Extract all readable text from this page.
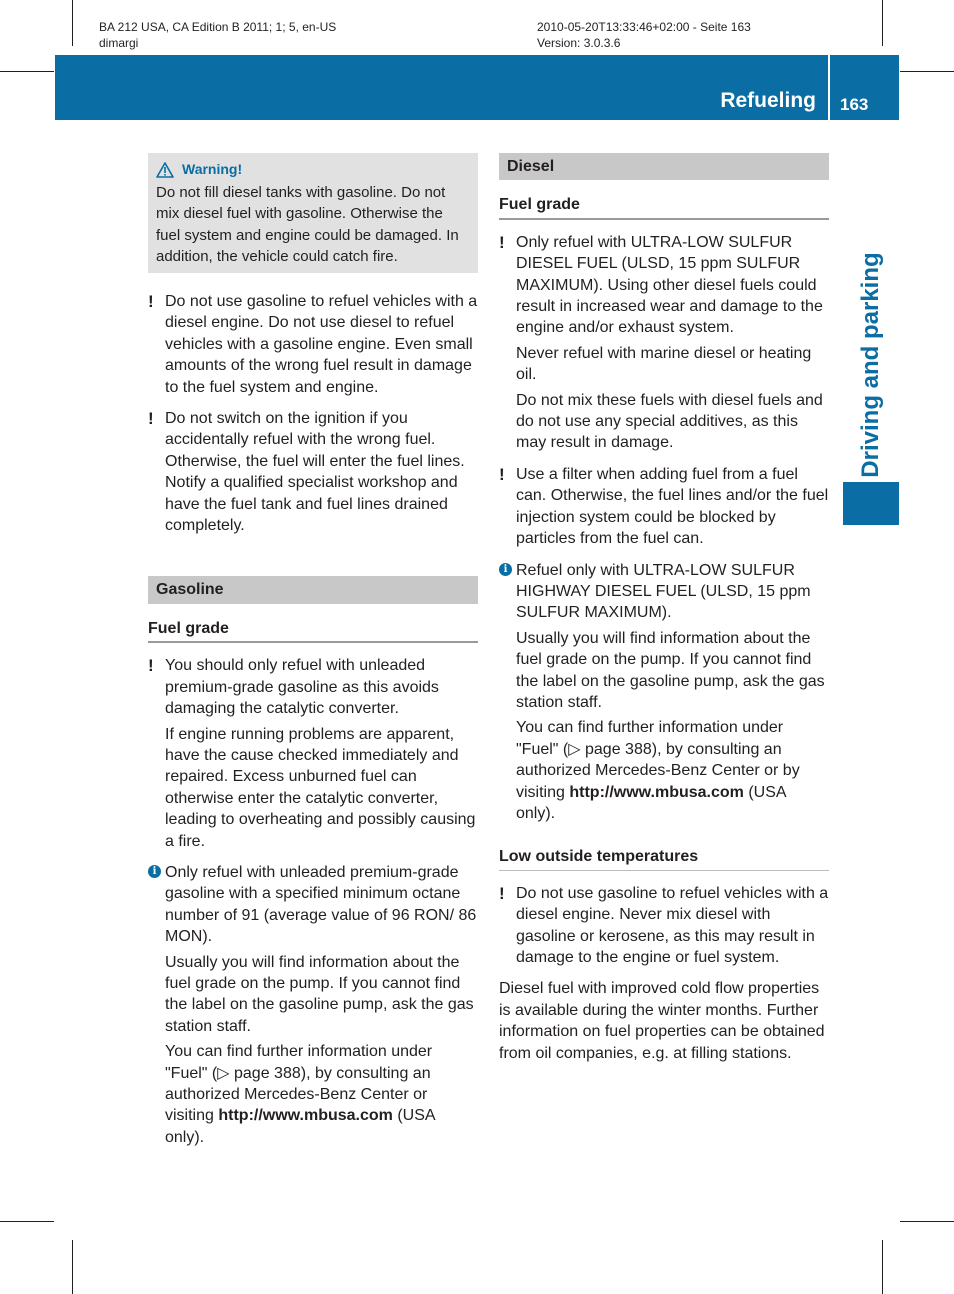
BA 212 USA, CA Edition B 2011; 1; 5, en-US
dimargi
2010-05-20T13:33:46+02:00 - Seite 163
Version: 3.0.3.6
Refueling 163
Driving and parking
Warning!

Do not fill diesel tanks with gasoline. Do not mix diesel fuel with gasoline. Otherwise the fuel system and engine could be damaged. In addition, the vehicle could catch fire.

! Do not use gasoline to refuel vehicles with a diesel engine. Do not use diesel to refuel vehicles with a gasoline engine. Even small amounts of the wrong fuel result in damage to the fuel system and engine.

! Do not switch on the ignition if you accidentally refuel with the wrong fuel. Otherwise, the fuel will enter the fuel lines. Notify a qualified specialist workshop and have the fuel tank and fuel lines drained completely.

Gasoline
Fuel grade
! You should only refuel with unleaded premium-grade gasoline as this avoids damaging the catalytic converter.

If engine running problems are apparent, have the cause checked immediately and repaired. Excess unburned fuel can otherwise enter the catalytic converter, leading to overheating and possibly causing a fire.

i Only refuel with unleaded premium-grade gasoline with a specified minimum octane number of 91 (average value of 96 RON/ 86 MON).

Usually you will find information about the fuel grade on the pump. If you cannot find the label on the gasoline pump, ask the gas station staff.

You can find further information under "Fuel" (▷ page 388), by consulting an authorized Mercedes-Benz Center or visiting http://www.mbusa.com (USA only).

Diesel
Fuel grade
! Only refuel with ULTRA-LOW SULFUR DIESEL FUEL (ULSD, 15 ppm SULFUR MAXIMUM). Using other diesel fuels could result in increased wear and damage to the engine and/or exhaust system.

Never refuel with marine diesel or heating oil.

Do not mix these fuels with diesel fuels and do not use any special additives, as this may result in damage.

! Use a filter when adding fuel from a fuel can. Otherwise, the fuel lines and/or the fuel injection system could be blocked by particles from the fuel can.

i Refuel only with ULTRA-LOW SULFUR HIGHWAY DIESEL FUEL (ULSD, 15 ppm SULFUR MAXIMUM).

Usually you will find information about the fuel grade on the pump. If you cannot find the label on the gasoline pump, ask the gas station staff.

You can find further information under "Fuel" (▷ page 388), by consulting an authorized Mercedes-Benz Center or by visiting http://www.mbusa.com (USA only).

Low outside temperatures
! Do not use gasoline to refuel vehicles with a diesel engine. Never mix diesel with gasoline or kerosene, as this may result in damage to the engine or fuel system.

Diesel fuel with improved cold flow properties is available during the winter months. Further information on fuel properties can be obtained from oil companies, e.g. at filling stations.
